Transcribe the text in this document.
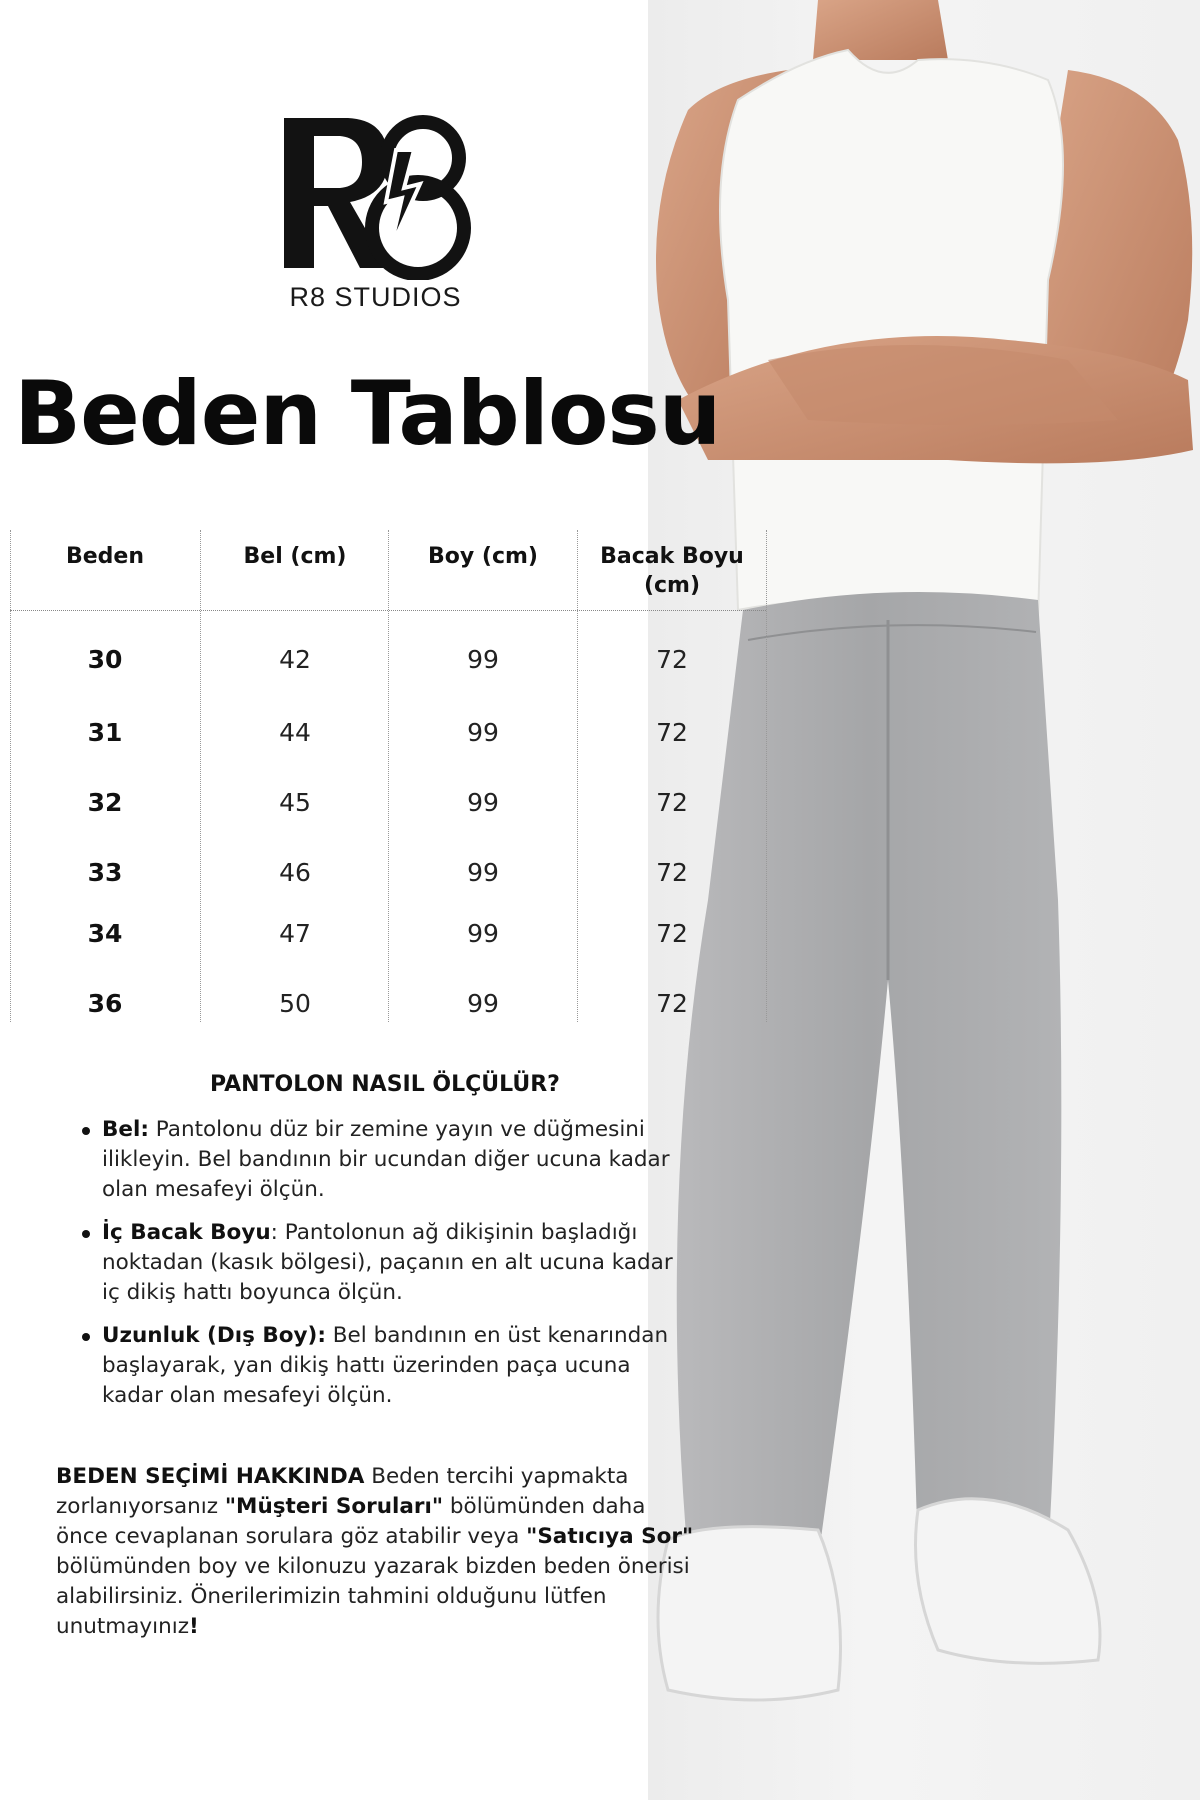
R8 STUDIOS
Beden Tablosu
Beden	Bel (cm)	Boy (cm)	Bacak Boyu
(cm)
30	42	99	72
31	44	99	72
32	45	99	72
33	46	99	72
34	47	99	72
36	50	99	72
PANTOLON NASIL ÖLÇÜLÜR?
Bel: Pantolonu düz bir zemine yayın ve düğmesini ilikleyin. Bel bandının bir ucundan diğer ucuna kadar olan mesafeyi ölçün.
İç Bacak Boyu: Pantolonun ağ dikişinin başladığı noktadan (kasık bölgesi), paçanın en alt ucuna kadar iç dikiş hattı boyunca ölçün.
Uzunluk (Dış Boy): Bel bandının en üst kenarından başlayarak, yan dikiş hattı üzerinden paça ucuna kadar olan mesafeyi ölçün.
BEDEN SEÇİMİ HAKKINDA Beden tercihi yapmakta zorlanıyorsanız "Müşteri Soruları" bölümünden daha önce cevaplanan sorulara göz atabilir veya "Satıcıya Sor" bölümünden boy ve kilonuzu yazarak bizden beden önerisi alabilirsiniz. Önerilerimizin tahmini olduğunu lütfen unutmayınız!
